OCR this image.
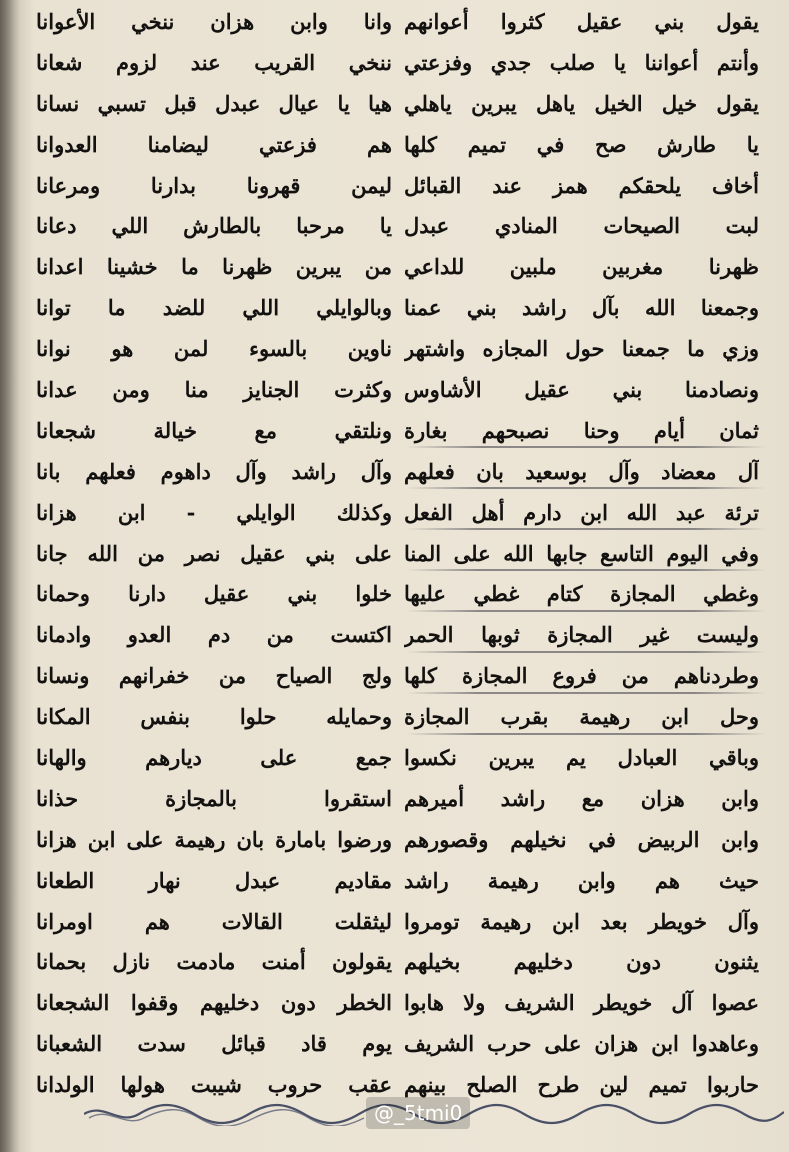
يقول بني عقيل كثروا أعوانهم
وأنتم أعواننا يا صلب جدي وفزعتي
يقول خيل الخيل ياهل يبرين ياهلي
يا طارش صح في تميم كلها
أخاف يلحقكم همز عند القبائل
لبت الصيحات المنادي عبدل
ظهرنا مغربين ملبين للداعي
وجمعنا الله بآل راشد بني عمنا
وزي ما جمعنا حول المجازه واشتهر
ونصادمنا بني عقيل الأشاوس
ثمان أيام وحنا نصبحهم بغارة
آل معضاد وآل بوسعيد بان فعلهم
ترئة عبد الله ابن دارم أهل الفعل
وفي اليوم التاسع جابها الله على المنا
وغطي المجازة كتام غطي عليها
وليست غير المجازة ثوبها الحمر
وطردناهم من فروع المجازة كلها
وحل ابن رهيمة بقرب المجازة
وباقي العبادل يم يبرين نكسوا
وابن هزان مع راشد أميرهم
وابن الربيض في نخيلهم وقصورهم
حيث هم وابن رهيمة راشد
وآل خويطر بعد ابن رهيمة تومروا
يثنون دون دخليهم بخيلهم
عصوا آل خويطر الشريف ولا هابوا
وعاهدوا ابن هزان على حرب الشريف
حاربوا تميم لين طرح الصلح بينهم
وانا وابن هزان ننخي الأعوانا
ننخي القريب عند لزوم شعانا
هيا يا عيال عبدل قبل تسبي نسانا
هم فزعتي ليضامنا العدوانا
ليمن قهرونا بدارنا ومرعانا
يا مرحبا بالطارش اللي دعانا
من يبرين ظهرنا ما خشينا اعدانا
وبالوايلي اللي للضد ما توانا
ناوين بالسوء لمن هو نوانا
وكثرت الجنايز منا ومن عدانا
ونلتقي مع خيالة شجعانا
وآل راشد وآل داهوم فعلهم بانا
وكذلك الوايلي - ابن هزانا
على بني عقيل نصر من الله جانا
خلوا بني عقيل دارنا وحمانا
اكتست من دم العدو وادمانا
ولج الصياح من خفرانهم ونسانا
وحمايله حلوا بنفس المكانا
جمع على ديارهم والهانا
استقروا بالمجازة حذانا
ورضوا بامارة بان رهيمة على ابن هزانا
مقاديم عبدل نهار الطعانا
ليثقلت القالات هم اومرانا
يقولون أمنت مادمت نازل بحمانا
الخطر دون دخليهم وقفوا الشجعانا
يوم قاد قبائل سدت الشعبانا
عقب حروب شيبت هولها الولدانا
@_5tmi0
